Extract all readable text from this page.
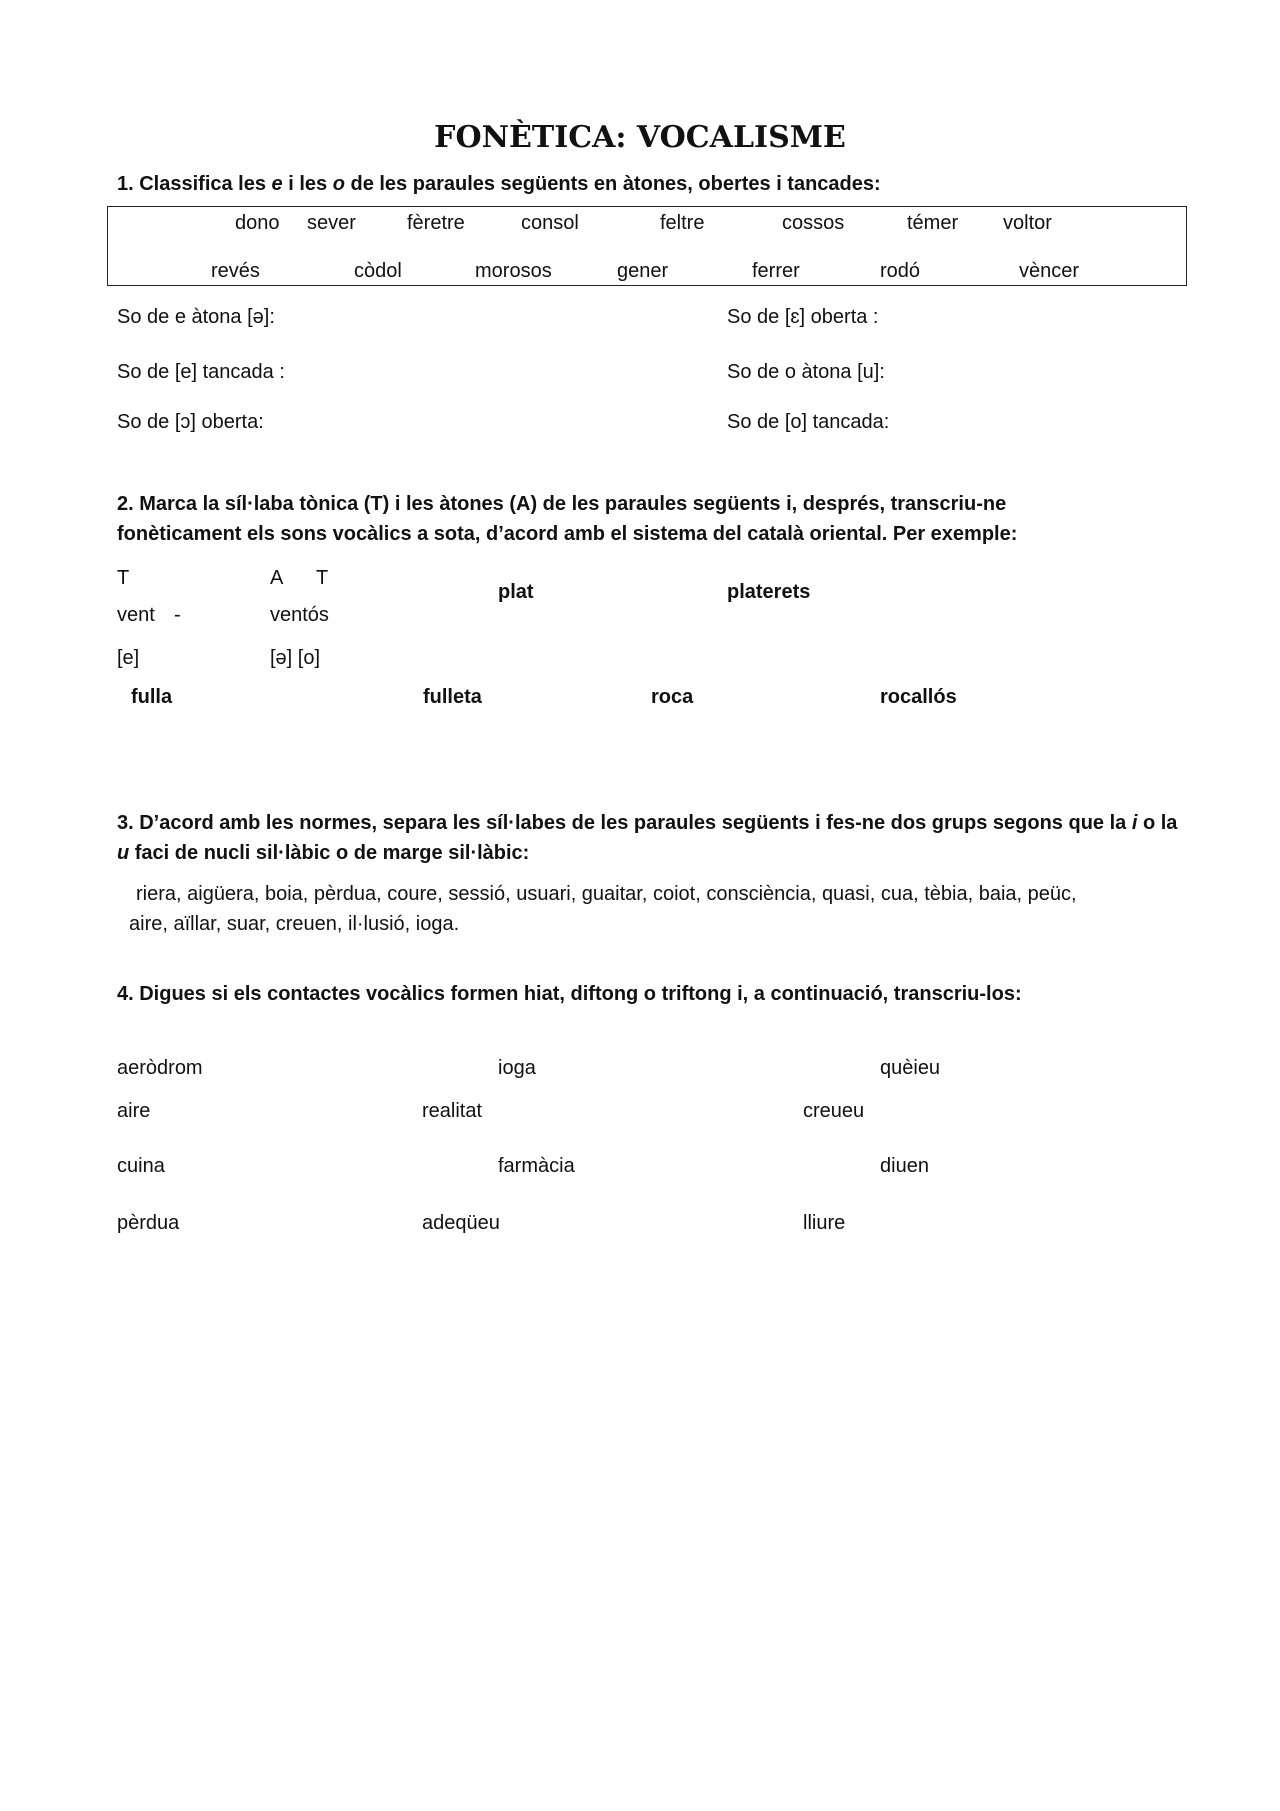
FONÈTICA: VOCALISME
1. Classifica les e i les o de les paraules següents en àtones, obertes i tancades:
dono sever	fèretre	consol	feltre	cossos	témer voltor
revés	còdol	morosos	gener	ferrer	rodó	vèncer
So de e àtona [ə]:	So de [ɛ] oberta :
So de [e] tancada :	So de o àtona [u]:
So de [ɔ] oberta:	So de [o] tancada:
2. Marca la síl·laba tònica (T) i les àtones (A) de les paraules següents i, després, transcriu-ne
fonèticament els sons vocàlics a sota, d’acord amb el sistema del català oriental. Per exemple:
T	A T
vent -	ventós
[e]	[ə] [o]
plat	platerets
fulla	fulleta	roca	rocallós
3. D’acord amb les normes, separa les síl·labes de les paraules següents i fes-ne dos grups segons que la i o la u faci de nucli sil·làbic o de marge sil·làbic:
riera, aigüera, boia, pèrdua, coure, sessió, usuari, guaitar, coiot, consciència, quasi, cua, tèbia, baia, peüc,
aire, aïllar, suar, creuen, il·lusió, ioga.
4. Digues si els contactes vocàlics formen hiat, diftong o triftong i, a continuació, transcriu-los:
aeròdrom	ioga	quèieu
aire	realitat	creueu
cuina	farmàcia	diuen
pèrdua	adeqüeu	lliure
